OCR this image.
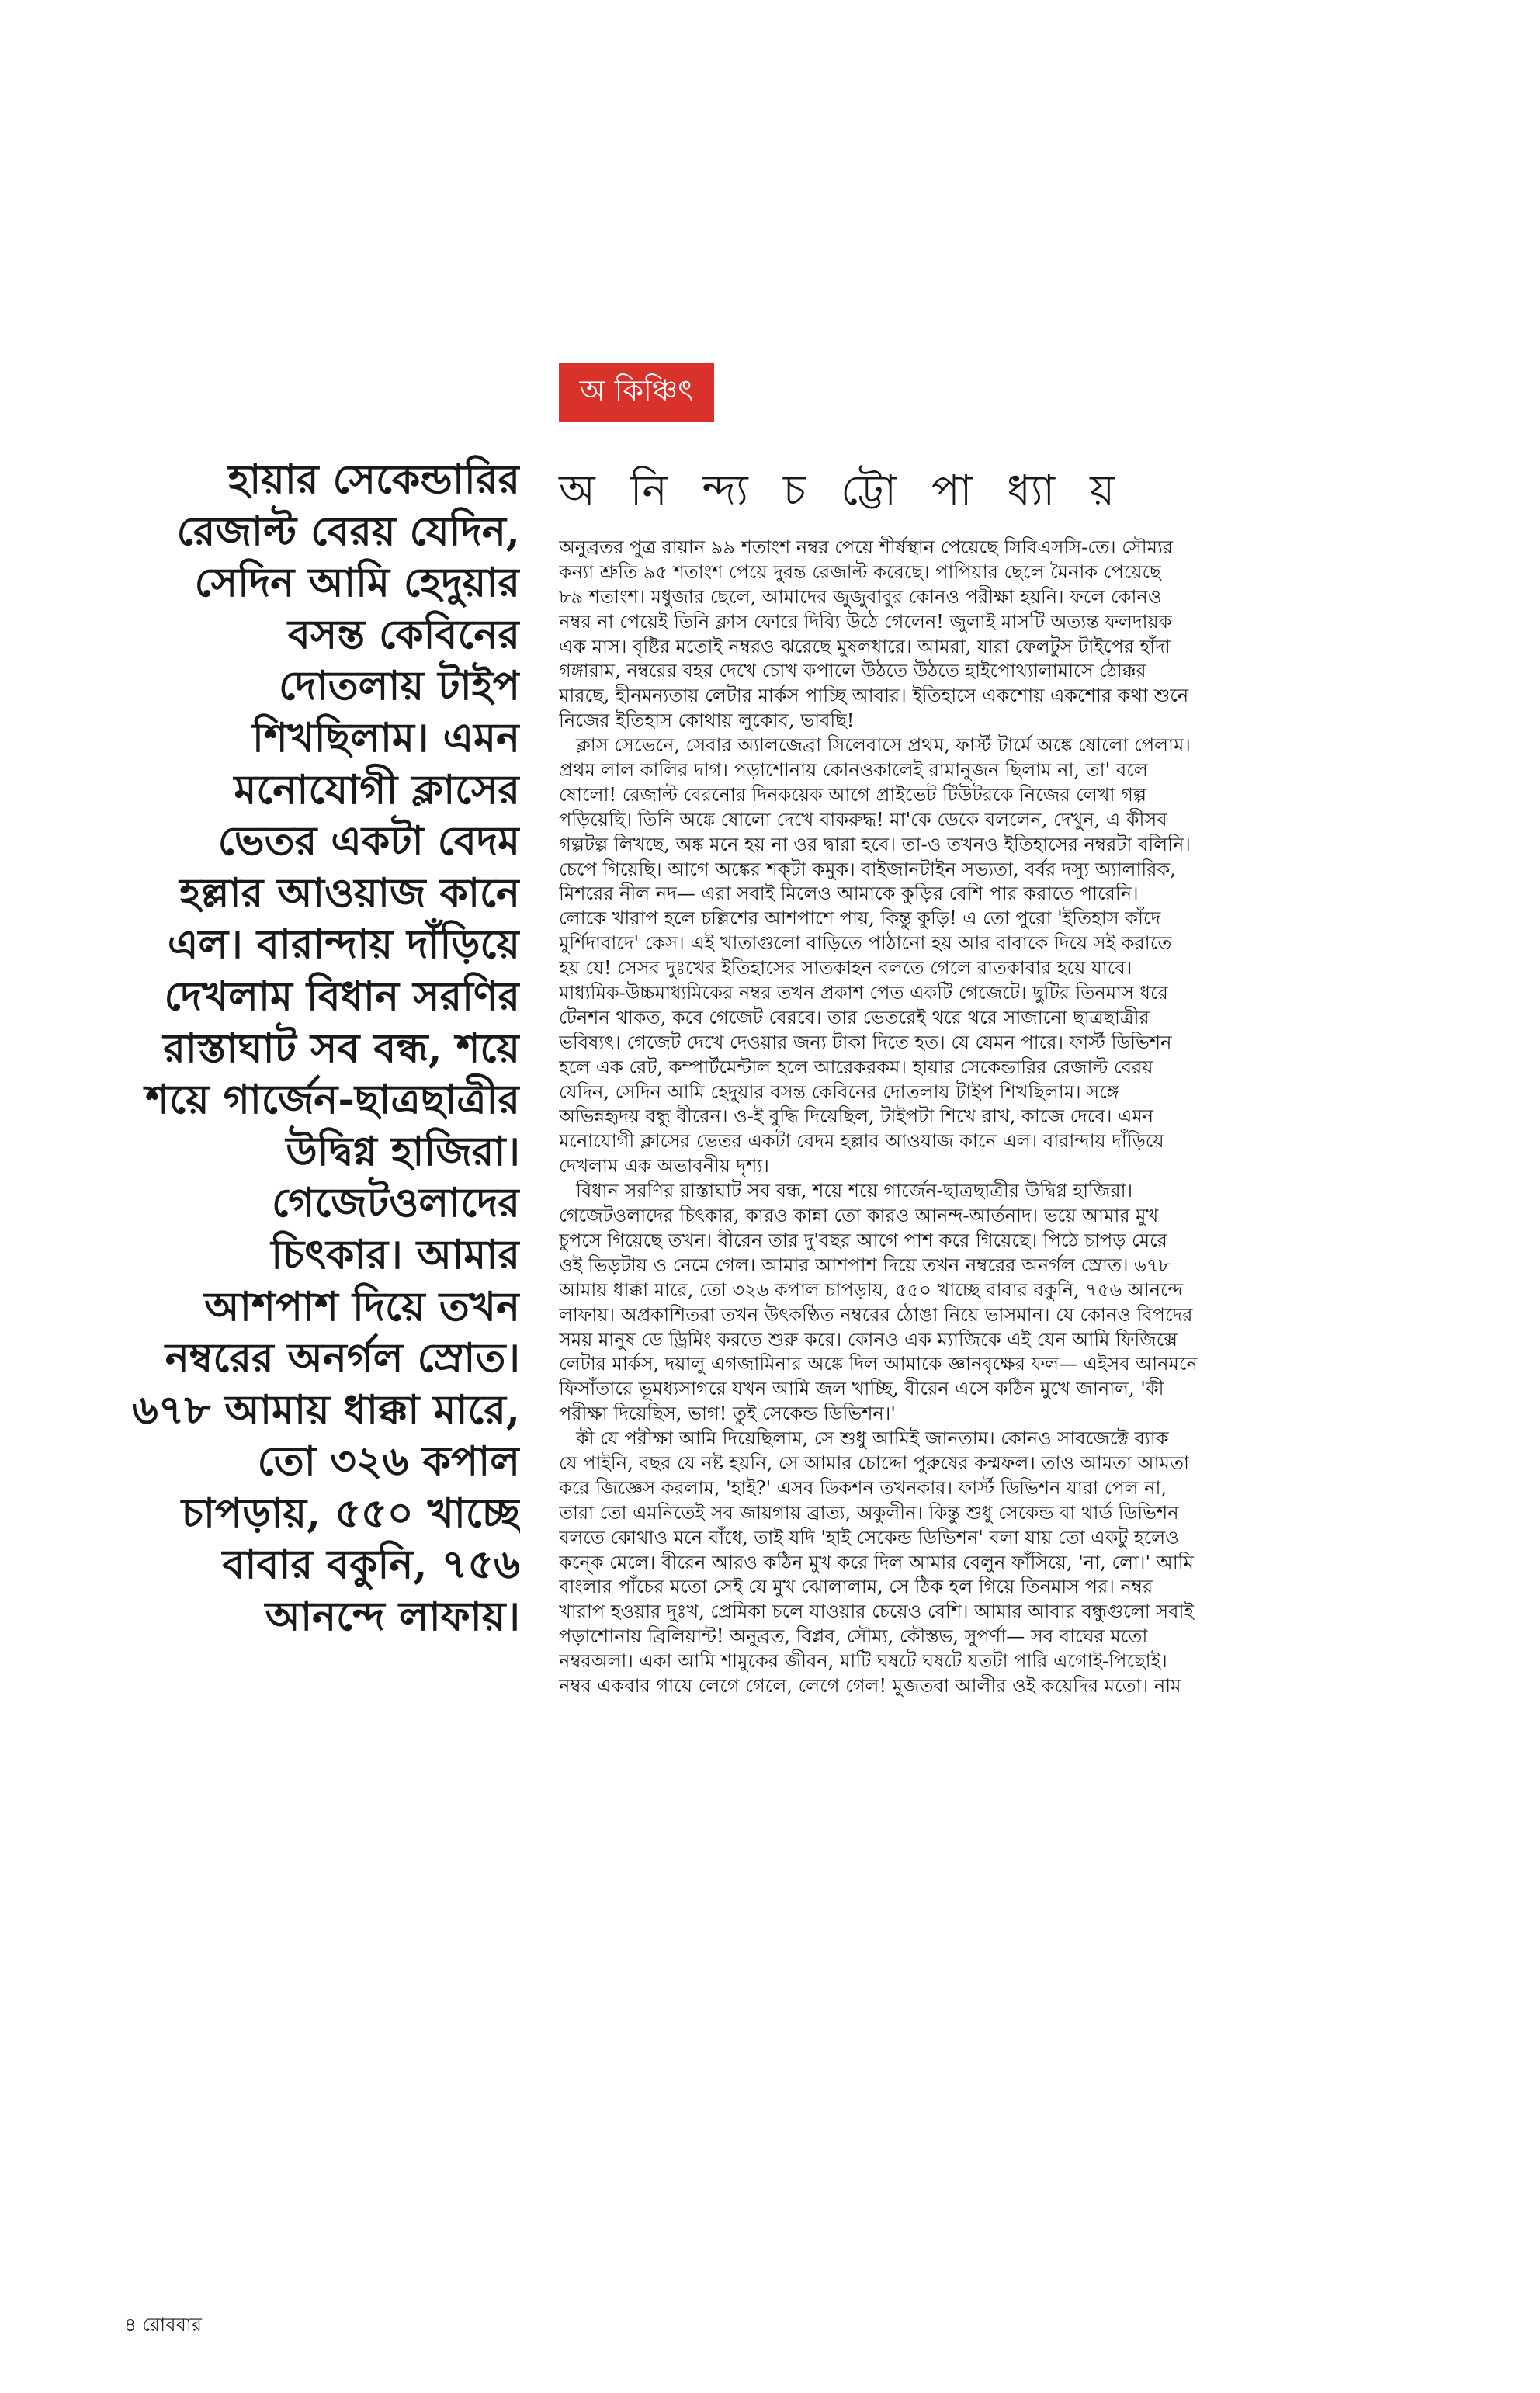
অ কিঞ্চিৎ
অ নি ন্দ্য চ ট্টো পা ধ্যা য়
হায়ার সেকেন্ডারির
রেজাল্ট বেরয় যেদিন,
সেদিন আমি হেদুয়ার
বসন্ত কেবিনের
দোতলায় টাইপ
শিখছিলাম। এমন
মনোযোগী ক্লাসের
ভেতর একটা বেদম
হল্লার আওয়াজ কানে
এল। বারান্দায় দাঁড়িয়ে
দেখলাম বিধান সরণির
রাস্তাঘাট সব বন্ধ, শয়ে
শয়ে গার্জেন-ছাত্রছাত্রীর
উদ্বিগ্ন হাজিরা।
গেজেটওলাদের
চিৎকার। আমার
আশপাশ দিয়ে তখন
নম্বরের অনর্গল স্রোত।
৬৭৮ আমায় ধাক্কা মারে,
তো ৩২৬ কপাল
চাপড়ায়, ৫৫০ খাচ্ছে
বাবার বকুনি, ৭৫৬
আনন্দে লাফায়।
অনুব্রতর পুত্র রায়ান ৯৯ শতাংশ নম্বর পেয়ে শীর্ষস্থান পেয়েছে সিবিএসসি-তে। সৌম্যর
কন্যা শ্রুতি ৯৫ শতাংশ পেয়ে দুরন্ত রেজাল্ট করেছে। পাপিয়ার ছেলে মৈনাক পেয়েছে
৮৯ শতাংশ। মধুজার ছেলে, আমাদের জুজুবাবুর কোনও পরীক্ষা হয়নি। ফলে কোনও
নম্বর না পেয়েই তিনি ক্লাস ফোরে দিব্যি উঠে গেলেন! জুলাই মাসটি অত্যন্ত ফলদায়ক
এক মাস। বৃষ্টির মতোই নম্বরও ঝরেছে মুষলধারে। আমরা, যারা ফেলটুস টাইপের হাঁদা
গঙ্গারাম, নম্বরের বহর দেখে চোখ কপালে উঠতে উঠতে হাইপোথ্যালামাসে ঠোক্কর
মারছে, হীনমন্যতায় লেটার মার্কস পাচ্ছি আবার। ইতিহাসে একশোয় একশোর কথা শুনে
নিজের ইতিহাস কোথায় লুকোব, ভাবছি!
ক্লাস সেভেনে, সেবার অ্যালজেব্রা সিলেবাসে প্রথম, ফার্স্ট টার্মে অঙ্কে ষোলো পেলাম।
প্রথম লাল কালির দাগ। পড়াশোনায় কোনওকালেই রামানুজন ছিলাম না, তা' বলে
ষোলো! রেজাল্ট বেরনোর দিনকয়েক আগে প্রাইভেট টিউটরকে নিজের লেখা গল্প
পড়িয়েছি। তিনি অঙ্কে ষোলো দেখে বাকরুদ্ধ! মা'কে ডেকে বললেন, দেখুন, এ কীসব
গল্পটল্প লিখছে, অঙ্ক মনে হয় না ওর দ্বারা হবে। তা-ও তখনও ইতিহাসের নম্বরটা বলিনি।
চেপে গিয়েছি। আগে অঙ্কের শক্‌টা কমুক। বাইজানটাইন সভ্যতা, বর্বর দস্যু অ্যালারিক,
মিশরের নীল নদ— এরা সবাই মিলেও আমাকে কুড়ির বেশি পার করাতে পারেনি।
লোকে খারাপ হলে চল্লিশের আশপাশে পায়, কিন্তু কুড়ি! এ তো পুরো 'ইতিহাস কাঁদে
মুর্শিদাবাদে' কেস। এই খাতাগুলো বাড়িতে পাঠানো হয় আর বাবাকে দিয়ে সই করাতে
হয় যে! সেসব দুঃখের ইতিহাসের সাতকাহন বলতে গেলে রাতকাবার হয়ে যাবে।
মাধ্যমিক-উচ্চমাধ্যমিকের নম্বর তখন প্রকাশ পেত একটি গেজেটে। ছুটির তিনমাস ধরে
টেনশন থাকত, কবে গেজেট বেরবে। তার ভেতরেই থরে থরে সাজানো ছাত্রছাত্রীর
ভবিষ্যৎ। গেজেট দেখে দেওয়ার জন্য টাকা দিতে হত। যে যেমন পারে। ফার্স্ট ডিভিশন
হলে এক রেট, কম্পার্টমেন্টাল হলে আরেকরকম। হায়ার সেকেন্ডারির রেজাল্ট বেরয়
যেদিন, সেদিন আমি হেদুয়ার বসন্ত কেবিনের দোতলায় টাইপ শিখছিলাম। সঙ্গে
অভিন্নহৃদয় বন্ধু বীরেন। ও-ই বুদ্ধি দিয়েছিল, টাইপটা শিখে রাখ, কাজে দেবে। এমন
মনোযোগী ক্লাসের ভেতর একটা বেদম হল্লার আওয়াজ কানে এল। বারান্দায় দাঁড়িয়ে
দেখলাম এক অভাবনীয় দৃশ্য।
বিধান সরণির রাস্তাঘাট সব বন্ধ, শয়ে শয়ে গার্জেন-ছাত্রছাত্রীর উদ্বিগ্ন হাজিরা।
গেজেটওলাদের চিৎকার, কারও কান্না তো কারও আনন্দ-আর্তনাদ। ভয়ে আমার মুখ
চুপসে গিয়েছে তখন। বীরেন তার দু'বছর আগে পাশ করে গিয়েছে। পিঠে চাপড় মেরে
ওই ভিড়টায় ও নেমে গেল। আমার আশপাশ দিয়ে তখন নম্বরের অনর্গল স্রোত। ৬৭৮
আমায় ধাক্কা মারে, তো ৩২৬ কপাল চাপড়ায়, ৫৫০ খাচ্ছে বাবার বকুনি, ৭৫৬ আনন্দে
লাফায়। অপ্রকাশিতরা তখন উৎকণ্ঠিত নম্বরের ঠোঙা নিয়ে ভাসমান। যে কোনও বিপদের
সময় মানুষ ডে ড্রিমিং করতে শুরু করে। কোনও এক ম্যাজিকে এই যেন আমি ফিজিক্সে
লেটার মার্কস, দয়ালু এগজামিনার অঙ্কে দিল আমাকে জ্ঞানবৃক্ষের ফল— এইসব আনমনে
ফিসাঁতারে ভূমধ্যসাগরে যখন আমি জল খাচ্ছি, বীরেন এসে কঠিন মুখে জানাল, 'কী
পরীক্ষা দিয়েছিস, ভাগ! তুই সেকেন্ড ডিভিশন।'
কী যে পরীক্ষা আমি দিয়েছিলাম, সে শুধু আমিই জানতাম। কোনও সাবজেক্টে ব্যাক
যে পাইনি, বছর যে নষ্ট হয়নি, সে আমার চোদ্দো পুরুষের কম্মফল। তাও আমতা আমতা
করে জিজ্ঞেস করলাম, 'হাই?' এসব ডিকশন তখনকার। ফার্স্ট ডিভিশন যারা পেল না,
তারা তো এমনিতেই সব জায়গায় ব্রাত্য, অকুলীন। কিন্তু শুধু সেকেন্ড বা থার্ড ডিভিশন
বলতে কোথাও মনে বাঁধে, তাই যদি 'হাই সেকেন্ড ডিভিশন' বলা যায় তো একটু হলেও
কন্কে মেলে। বীরেন আরও কঠিন মুখ করে দিল আমার বেলুন ফাঁসিয়ে, 'না, লো।' আমি
বাংলার পাঁচের মতো সেই যে মুখ ঝোলালাম, সে ঠিক হল গিয়ে তিনমাস পর। নম্বর
খারাপ হওয়ার দুঃখ, প্রেমিকা চলে যাওয়ার চেয়েও বেশি। আমার আবার বন্ধুগুলো সবাই
পড়াশোনায় ব্রিলিয়ান্ট! অনুব্রত, বিপ্লব, সৌম্য, কৌস্তভ, সুপর্ণা— সব বাঘের মতো
নম্বরঅলা। একা আমি শামুকের জীবন, মাটি ঘষটে ঘষটে যতটা পারি এগোই-পিছোই।
নম্বর একবার গায়ে লেগে গেলে, লেগে গেল! মুজতবা আলীর ওই কয়েদির মতো। নাম
৪ রোববার
